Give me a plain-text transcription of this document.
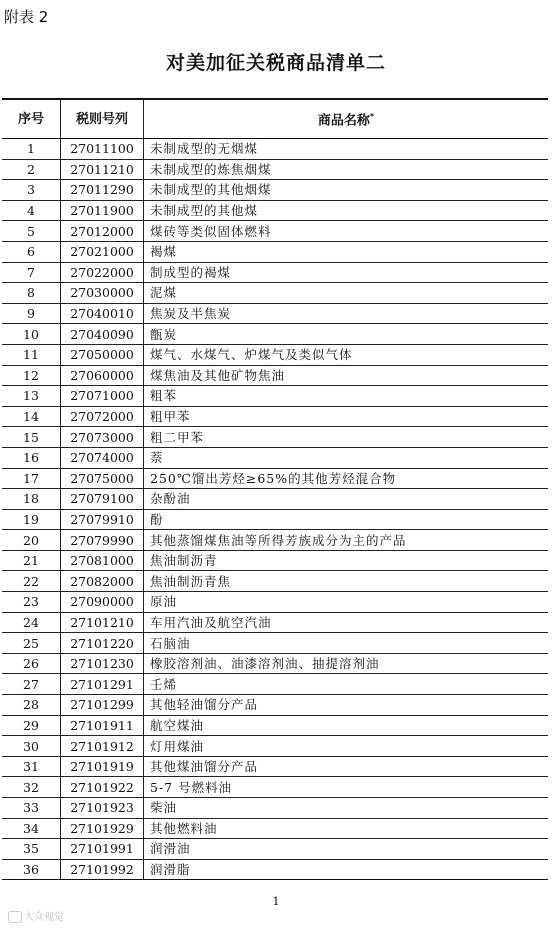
附表 2
对美加征关税商品清单二
序号	税则号列	商品名称*
1	27011100	未制成型的无烟煤
2	27011210	未制成型的炼焦烟煤
3	27011290	未制成型的其他烟煤
4	27011900	未制成型的其他煤
5	27012000	煤砖等类似固体燃料
6	27021000	褐煤
7	27022000	制成型的褐煤
8	27030000	泥煤
9	27040010	焦炭及半焦炭
10	27040090	甑炭
11	27050000	煤气、水煤气、炉煤气及类似气体
12	27060000	煤焦油及其他矿物焦油
13	27071000	粗苯
14	27072000	粗甲苯
15	27073000	粗二甲苯
16	27074000	萘
17	27075000	250℃馏出芳烃≥65%的其他芳烃混合物
18	27079100	杂酚油
19	27079910	酚
20	27079990	其他蒸馏煤焦油等所得芳族成分为主的产品
21	27081000	焦油制沥青
22	27082000	焦油制沥青焦
23	27090000	原油
24	27101210	车用汽油及航空汽油
25	27101220	石脑油
26	27101230	橡胶溶剂油、油漆溶剂油、抽提溶剂油
27	27101291	壬烯
28	27101299	其他轻油馏分产品
29	27101911	航空煤油
30	27101912	灯用煤油
31	27101919	其他煤油馏分产品
32	27101922	5-7 号燃料油
33	27101923	柴油
34	27101929	其他燃料油
35	27101991	润滑油
36	27101992	润滑脂
1
大众视觉
